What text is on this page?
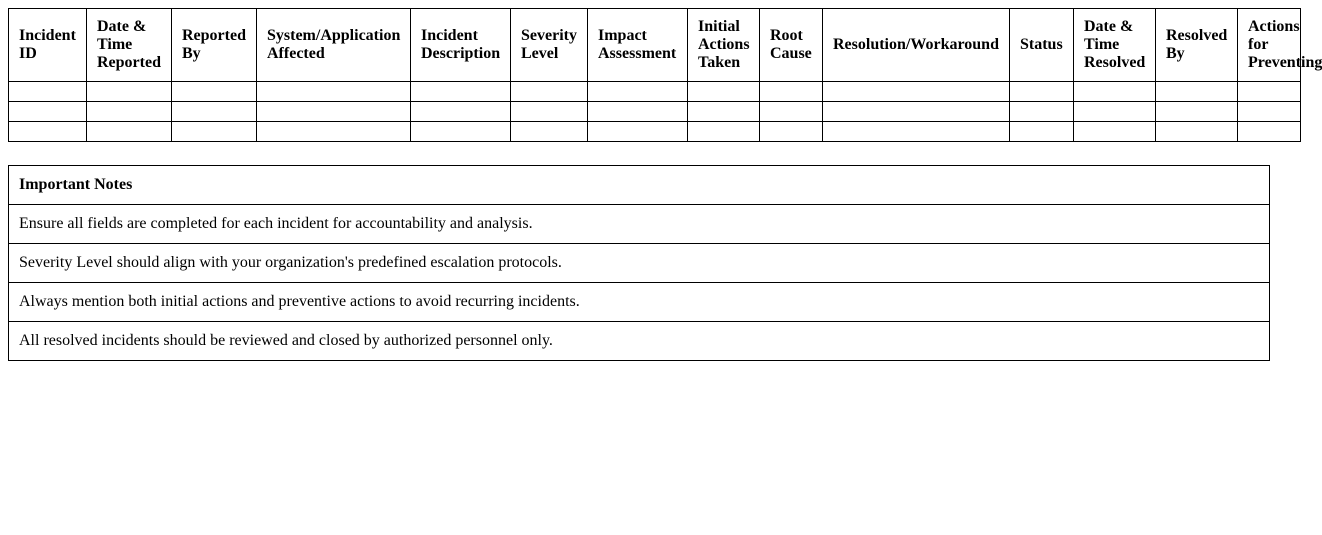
Incident ID	Date & Time Reported	Reported By	System/Application Affected	Incident Description	Severity Level	Impact Assessment	Initial Actions Taken	Root Cause	Resolution/Workaround	Status	Date & Time Resolved	Resolved By	Actions for Preventing

Important Notes
Ensure all fields are completed for each incident for accountability and analysis.
Severity Level should align with your organization's predefined escalation protocols.
Always mention both initial actions and preventive actions to avoid recurring incidents.
All resolved incidents should be reviewed and closed by authorized personnel only.
